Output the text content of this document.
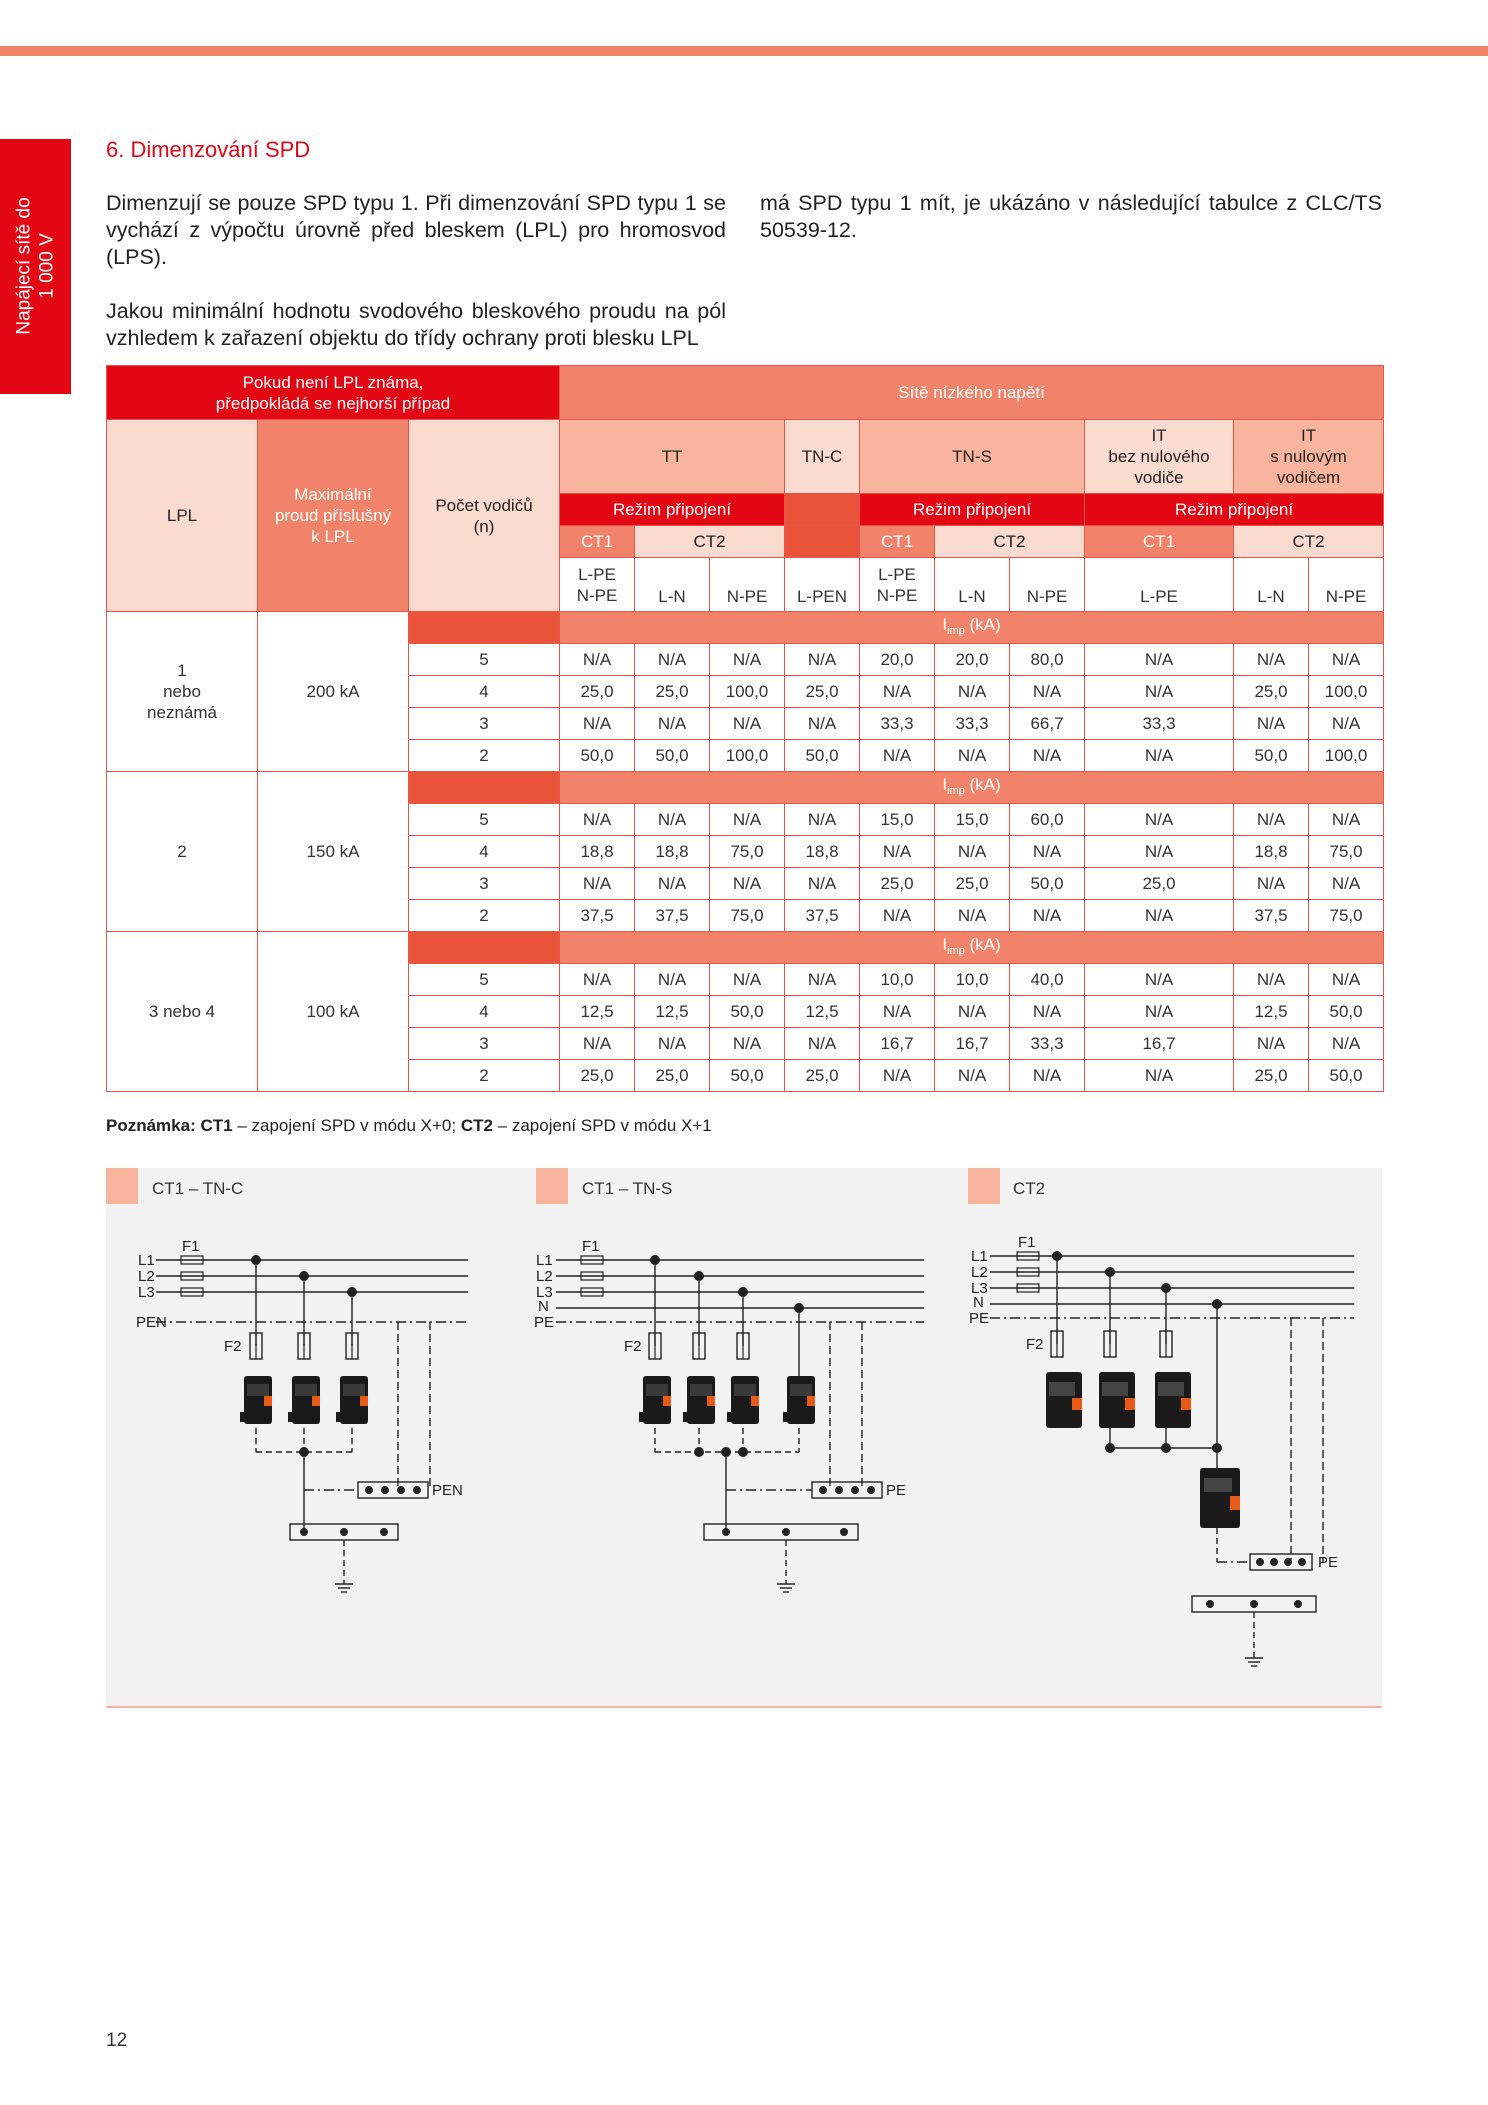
Napájecí sítě do 1 000 V
6. Dimenzování SPD

Dimenzují se pouze SPD typu 1. Při dimenzování SPD typu 1 se vychází z výpočtu úrovně před bleskem (LPL) pro hromosvod (LPS).

Jakou minimální hodnotu svodového bleskového proudu na pól vzhledem k zařazení objektu do třídy ochrany proti blesku LPL

má SPD typu 1 mít, je ukázáno v následující tabulce z CLC/TS 50539-12.

Pokud není LPL známa,
předpokládá se nejhorší případ			Sítě nízkého napětí									
LPL	Maximální
proud příslušný
k LPL	Počet vodičů
(n)	TT			TN-C	TN-S			IT
bez nulového
vodiče	IT
s nulovým
vodičem	
			Režim připojení				Režim připojení			Režim připojení		
			CT1	CT2			CT1	CT2		CT1	CT2	
			L-PE
N-PE	L-N	N-PE	L-PEN	L-PE
N-PE	L-N	N-PE	L-PE	L-N	N-PE
1
nebo
neznámá	200 kA		$I_{imp}$ (kA)									
		5	N/A	N/A	N/A	N/A	20,0	20,0	80,0	N/A	N/A	N/A
		4	25,0	25,0	100,0	25,0	N/A	N/A	N/A	N/A	25,0	100,0
		3	N/A	N/A	N/A	N/A	33,3	33,3	66,7	33,3	N/A	N/A
		2	50,0	50,0	100,0	50,0	N/A	N/A	N/A	N/A	50,0	100,0
2	150 kA		$I_{imp}$ (kA)									
		5	N/A	N/A	N/A	N/A	15,0	15,0	60,0	N/A	N/A	N/A
		4	18,8	18,8	75,0	18,8	N/A	N/A	N/A	N/A	18,8	75,0
		3	N/A	N/A	N/A	N/A	25,0	25,0	50,0	25,0	N/A	N/A
		2	37,5	37,5	75,0	37,5	N/A	N/A	N/A	N/A	37,5	75,0
3 nebo 4	100 kA		$I_{imp}$ (kA)									
		5	N/A	N/A	N/A	N/A	10,0	10,0	40,0	N/A	N/A	N/A
		4	12,5	12,5	50,0	12,5	N/A	N/A	N/A	N/A	12,5	50,0
		3	N/A	N/A	N/A	N/A	16,7	16,7	33,3	16,7	N/A	N/A
		2	25,0	25,0	50,0	25,0	N/A	N/A	N/A	N/A	25,0	50,0
Poznámka: CT1 – zapojení SPD v módu X+0; CT2 – zapojení SPD v módu X+1
CT1 – TN-C	CT1 – TN-S	CT2
L1
L2
L3
PEN
F1
F2
PEN
L1
L2
L3
N
PE
F1
F2
PE
L1
L2
L3
N
PE
F1
F2
PE
12
